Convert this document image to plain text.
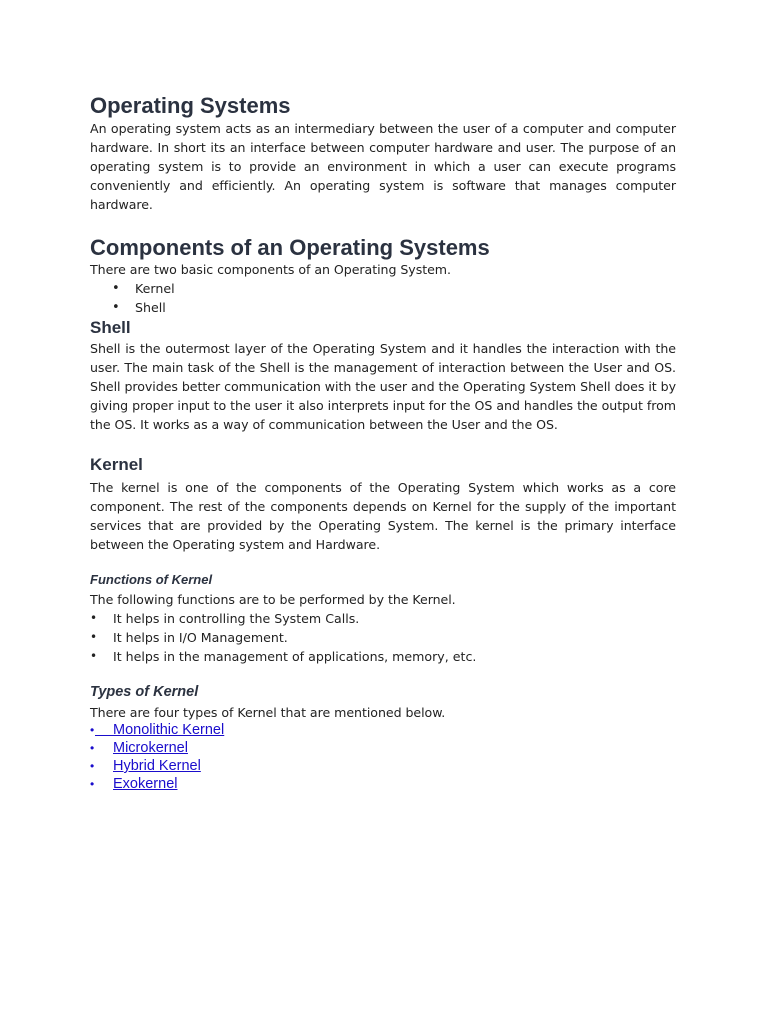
Operating Systems

An operating system acts as an intermediary between the user of a computer and computer hardware. In short its an interface between computer hardware and user. The purpose of an operating system is to provide an environment in which a user can execute programs conveniently and efficiently. An operating system is software that manages computer hardware.

Components of an Operating Systems

There are two basic components of an Operating System.

• Kernel
• Shell
Shell

Shell is the outermost layer of the Operating System and it handles the interaction with the user. The main task of the Shell is the management of interaction between the User and OS. Shell provides better communication with the user and the Operating System Shell does it by giving proper input to the user it also interprets input for the OS and handles the output from the OS. It works as a way of communication between the User and the OS.

Kernel

The kernel is one of the components of the Operating System which works as a core component. The rest of the components depends on Kernel for the supply of the important services that are provided by the Operating System. The kernel is the primary interface between the Operating system and Hardware.

Functions of Kernel

The following functions are to be performed by the Kernel.

• It helps in controlling the System Calls.
• It helps in I/O Management.
• It helps in the management of applications, memory, etc.
Types of Kernel

There are four types of Kernel that are mentioned below.

• Monolithic Kernel
• Microkernel
• Hybrid Kernel
• Exokernel
